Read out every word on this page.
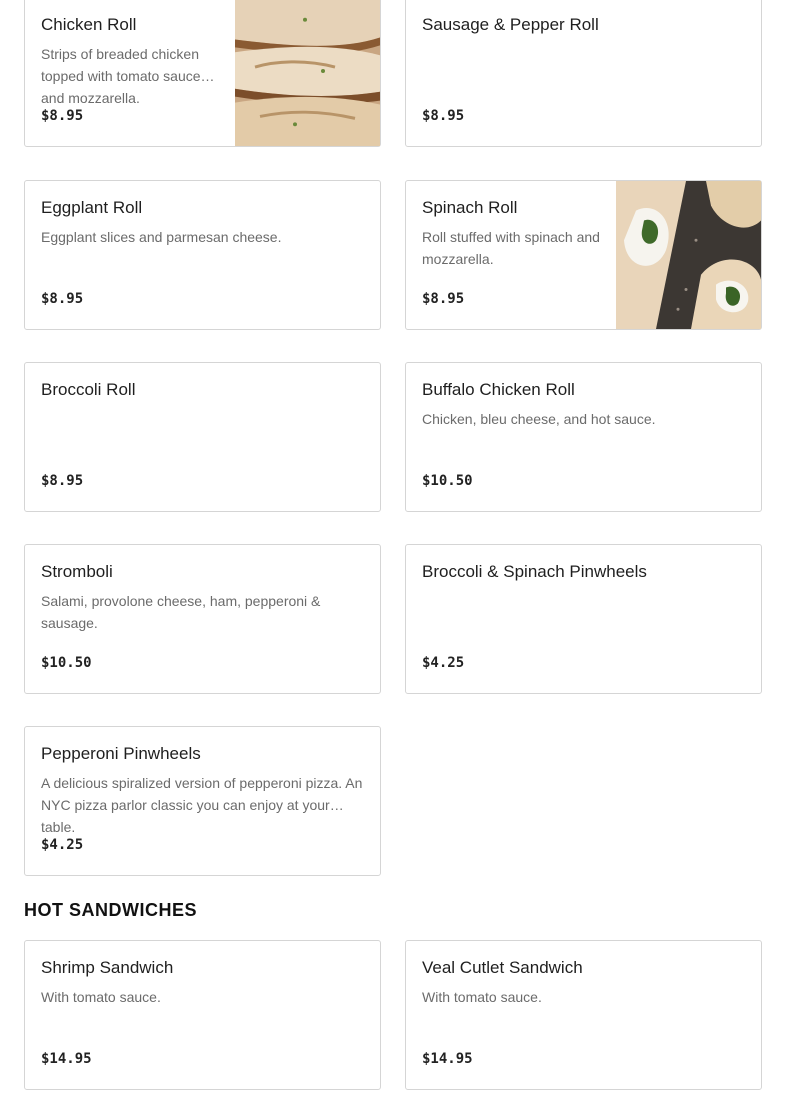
Chicken Roll
Strips of breaded chicken topped with tomato sauce and mozzarella.
$8.95
Sausage & Pepper Roll
$8.95
Eggplant Roll
Eggplant slices and parmesan cheese.
$8.95
Spinach Roll
Roll stuffed with spinach and mozzarella.
$8.95
Broccoli Roll
$8.95
Buffalo Chicken Roll
Chicken, bleu cheese, and hot sauce.
$10.50
Stromboli
Salami, provolone cheese, ham, pepperoni & sausage.
$10.50
Broccoli & Spinach Pinwheels
$4.25
Pepperoni Pinwheels
A delicious spiralized version of pepperoni pizza. An NYC pizza parlor classic you can enjoy at your table.
$4.25
HOT SANDWICHES
Shrimp Sandwich
With tomato sauce.
$14.95
Veal Cutlet Sandwich
With tomato sauce.
$14.95
